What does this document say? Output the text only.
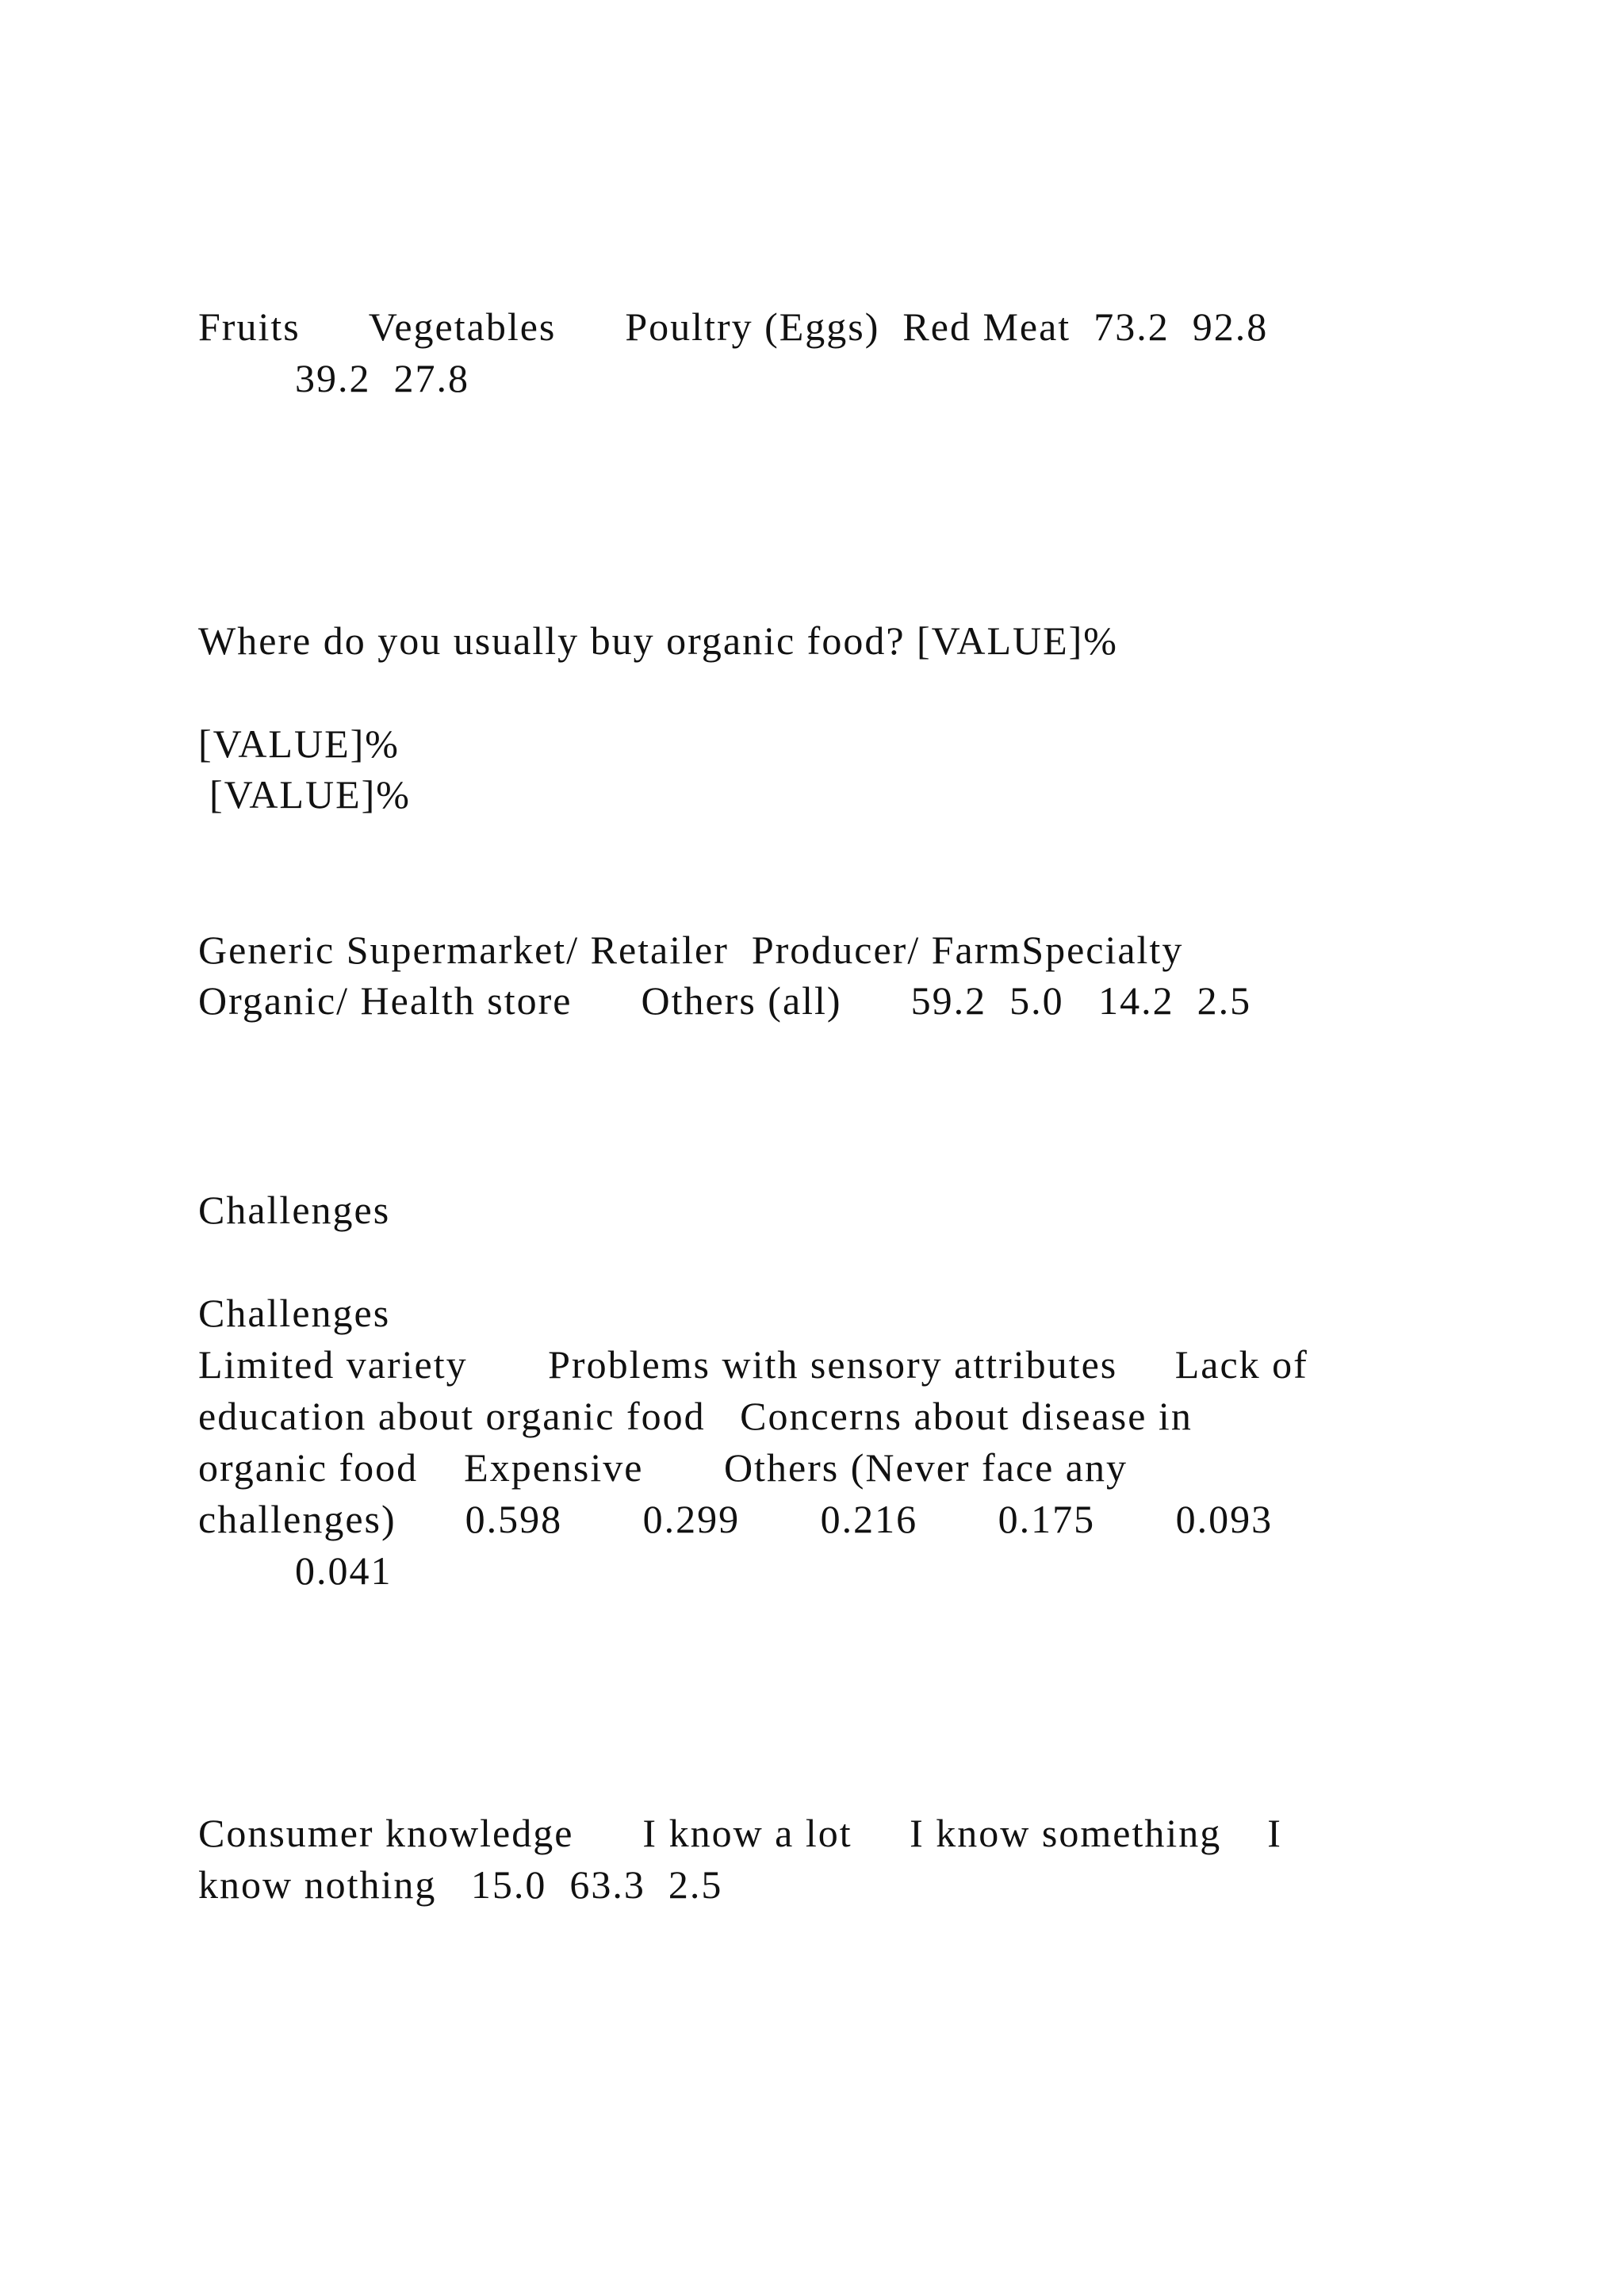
Fruits      Vegetables      Poultry (Eggs)  Red Meat  73.2  92.8
39.2  27.8
Where do you usually buy organic food? [VALUE]%
[VALUE]%
[VALUE]%
Generic Supermarket/ Retailer  Producer/ FarmSpecialty
Organic/ Health store      Others (all)      59.2  5.0   14.2  2.5
Challenges
Challenges
Limited variety       Problems with sensory attributes     Lack of
education about organic food   Concerns about disease in
organic food    Expensive       Others (Never face any
challenges)      0.598       0.299       0.216       0.175       0.093
0.041
Consumer knowledge      I know a lot     I know something    I
know nothing   15.0  63.3  2.5
